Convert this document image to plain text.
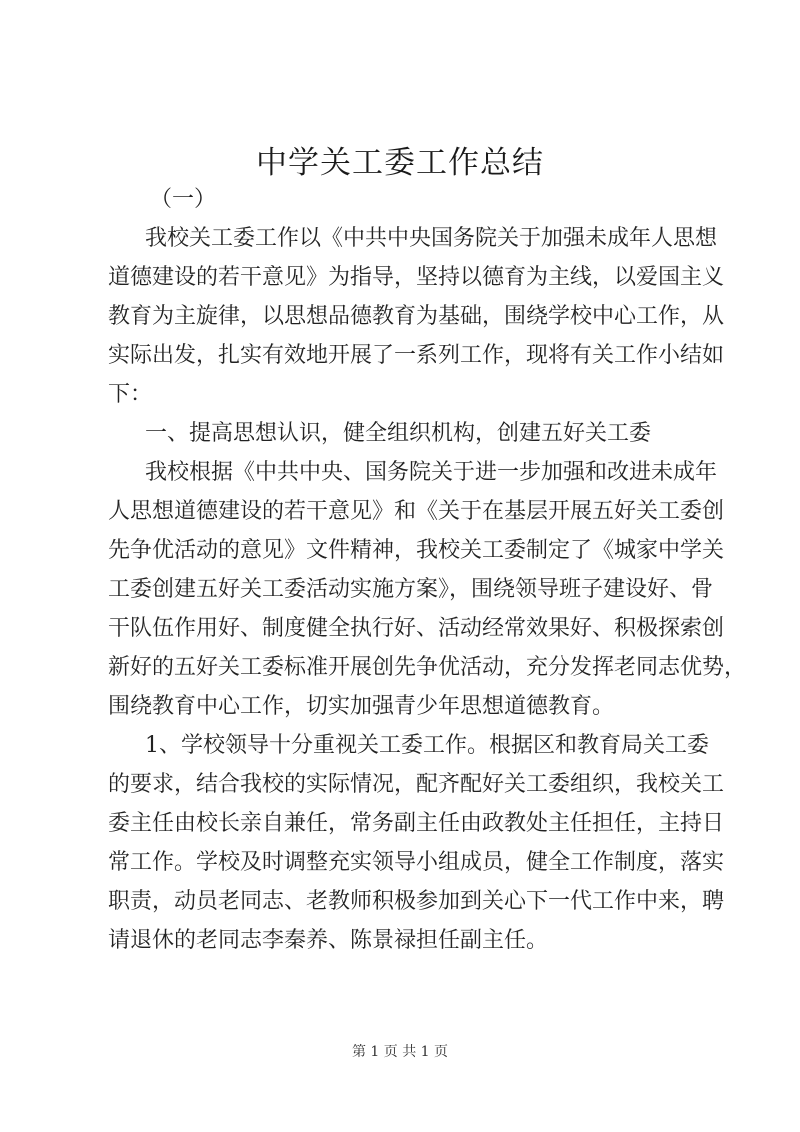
中学关工委工作总结
（一）
我校关工委工作以《中共中央国务院关于加强未成年人思想
道德建设的若干意见》为指导，坚持以德育为主线，以爱国主义
教育为主旋律，以思想品德教育为基础，围绕学校中心工作，从
实际出发，扎实有效地开展了一系列工作，现将有关工作小结如
下：
一、提高思想认识，健全组织机构，创建五好关工委
我校根据《中共中央、国务院关于进一步加强和改进未成年
人思想道德建设的若干意见》和《关于在基层开展五好关工委创
先争优活动的意见》文件精神，我校关工委制定了《城家中学关
工委创建五好关工委活动实施方案》，围绕领导班子建设好、骨
干队伍作用好、制度健全执行好、活动经常效果好、积极探索创
新好的五好关工委标准开展创先争优活动，充分发挥老同志优势，
围绕教育中心工作，切实加强青少年思想道德教育。
1、学校领导十分重视关工委工作。根据区和教育局关工委
的要求，结合我校的实际情况，配齐配好关工委组织，我校关工
委主任由校长亲自兼任，常务副主任由政教处主任担任，主持日
常工作。学校及时调整充实领导小组成员，健全工作制度，落实
职责，动员老同志、老教师积极参加到关心下一代工作中来，聘
请退休的老同志李秦养、陈景禄担任副主任。
第 1 页 共 1 页
